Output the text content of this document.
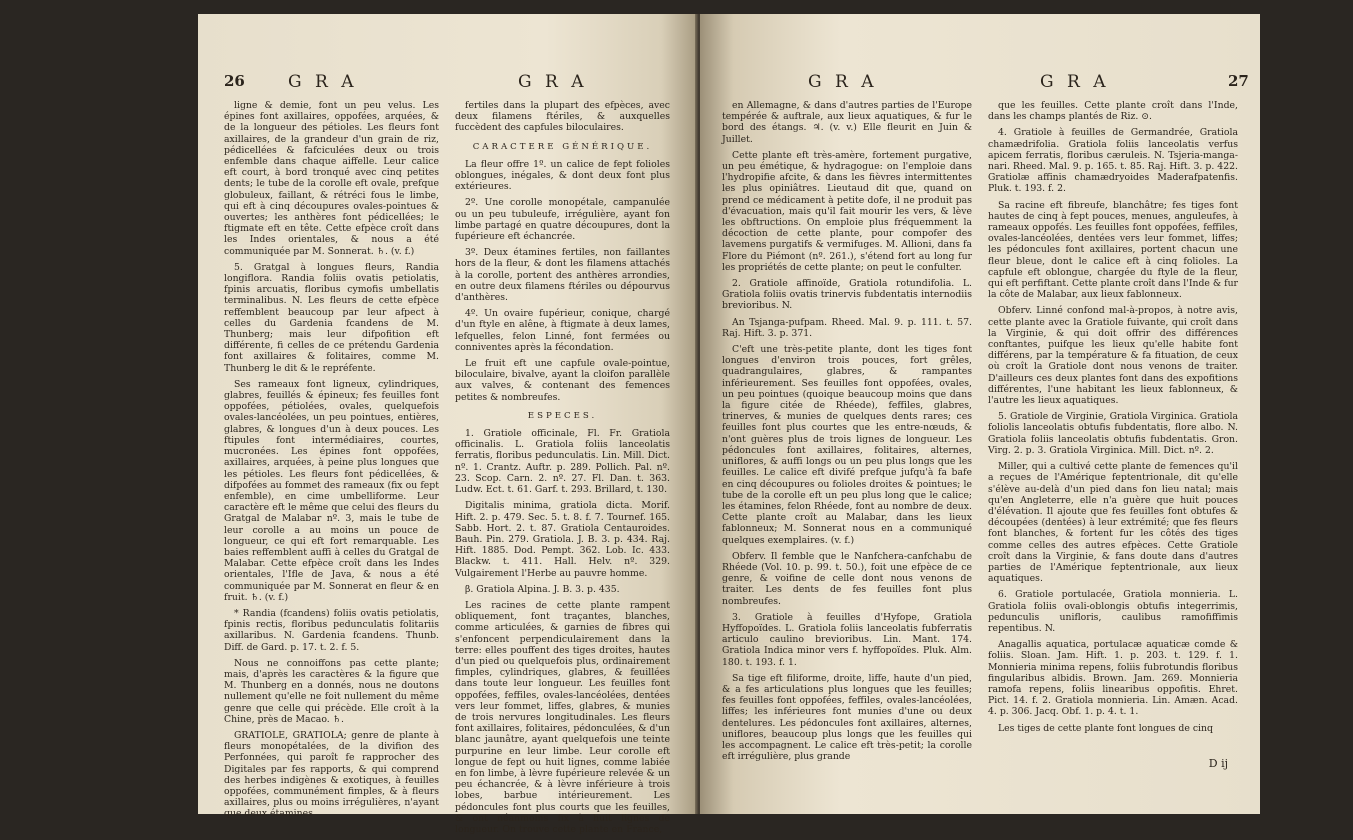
26	G R A	G R A

ligne & demie, font un peu velus. Les épines font axillaires, oppofées, arquées, & de la longueur des pétioles. Les fleurs font axillaires, de la grandeur d'un grain de riz, pédicellées & fafciculées deux ou trois enfemble dans chaque aiffelle. Leur calice eft court, à bord tronqué avec cinq petites dents; le tube de la corolle eft ovale, prefque globuleux, faillant, & rétréci fous le limbe, qui eft à cinq découpures ovales-pointues & ouvertes; les anthères font pédicellées; le ftigmate eft en tête. Cette efpèce croît dans les Indes orientales, & nous a été communiquée par M. Sonnerat. ♄. (v. f.)

5. Gratgal à longues fleurs, Randia longiflora. Randia foliis ovatis petiolatis, fpinis arcuatis, floribus cymofis umbellatis terminalibus. N. Les fleurs de cette efpèce reffemblent beaucoup par leur afpect à celles du Gardenia fcandens de M. Thunberg; mais leur difpofition eft différente, fi celles de ce prétendu Gardenia font axillaires & folitaires, comme M. Thunberg le dit & le repréfente.

Ses rameaux font ligneux, cylindriques, glabres, feuillés & épineux; fes feuilles font oppofées, pétiolées, ovales, quelquefois ovales-lancéolées, un peu pointues, entières, glabres, & longues d'un à deux pouces. Les ftipules font intermédiaires, courtes, mucronées. Les épines font oppofées, axillaires, arquées, à peine plus longues que les pétioles. Les fleurs font pédicellées, & difpofées au fommet des rameaux (fix ou fept enfemble), en cime umbelliforme. Leur caractère eft le même que celui des fleurs du Gratgal de Malabar nº. 3, mais le tube de leur corolle a au moins un pouce de longueur, ce qui eft fort remarquable. Les baies reffemblent auffi à celles du Gratgal de Malabar. Cette efpèce croît dans les Indes orientales, l'Ifle de Java, & nous a été communiquée par M. Sonnerat en fleur & en fruit. ♄. (v. f.)

* Randia (fcandens) foliis ovatis petiolatis, fpinis rectis, floribus pedunculatis folitariis axillaribus. N. Gardenia fcandens. Thunb. Diff. de Gard. p. 17. t. 2. f. 5.

Nous ne connoiffons pas cette plante; mais, d'après les caractères & la figure que M. Thunberg en a donnés, nous ne doutons nullement qu'elle ne foit nullement du même genre que celle qui précède. Elle croît à la Chine, près de Macao. ♄.

GRATIOLE, GRATIOLA; genre de plante à fleurs monopétalées, de la divifion des Perfonnées, qui paroît fe rapprocher des Digitales par fes rapports, & qui comprend des herbes indigènes & exotiques, à feuilles oppofées, communément fimples, & à fleurs axillaires, plus ou moins irrégulières, n'ayant que deux étamines

fertiles dans la plupart des efpèces, avec deux filamens ftériles, & auxquelles fuccèdent des capfules biloculaires.

CARACTERE GÉNÉRIQUE.

La fleur offre 1º. un calice de fept folioles oblongues, inégales, & dont deux font plus extérieures.

2º. Une corolle monopétale, campanulée ou un peu tubuleufe, irrégulière, ayant fon limbe partagé en quatre découpures, dont la fupérieure eft échancrée.

3º. Deux étamines fertiles, non faillantes hors de la fleur, & dont les filamens attachés à la corolle, portent des anthères arrondies, en outre deux filamens ftériles ou dépourvus d'anthères.

4º. Un ovaire fupérieur, conique, chargé d'un ftyle en alêne, à ftigmate à deux lames, lefquelles, felon Linné, font fermées ou conniventes après la fécondation.

Le fruit eft une capfule ovale-pointue, biloculaire, bivalve, ayant la cloifon parallèle aux valves, & contenant des femences petites & nombreufes.

ESPECES.

1. Gratiole officinale, Fl. Fr. Gratiola officinalis. L. Gratiola foliis lanceolatis ferratis, floribus pedunculatis. Lin. Mill. Dict. nº. 1. Crantz. Auftr. p. 289. Pollich. Pal. nº. 23. Scop. Carn. 2. nº. 27. Fl. Dan. t. 363. Ludw. Ect. t. 61. Garf. t. 293. Brillard, t. 130.

Digitalis minima, gratiola dicta. Morif. Hift. 2. p. 479. Sec. 5. t. 8. f. 7. Tournef. 165. Sabb. Hort. 2. t. 87. Gratiola Centauroides. Bauh. Pin. 279. Gratiola. J. B. 3. p. 434. Raj. Hift. 1885. Dod. Pempt. 362. Lob. Ic. 433. Blackw. t. 411. Hall. Helv. nº. 329. Vulgairement l'Herbe au pauvre homme.

β. Gratiola Alpina. J. B. 3. p. 435.

Les racines de cette plante rampent obliquement, font traçantes, blanches, comme articulées, & garnies de fibres qui s'enfoncent perpendiculairement dans la terre: elles pouffent des tiges droites, hautes d'un pied ou quelquefois plus, ordinairement fimples, cylindriques, glabres, & feuillées dans toute leur longueur. Les feuilles font oppofées, feffiles, ovales-lancéolées, dentées vers leur fommet, liffes, glabres, & munies de trois nervures longitudinales. Les fleurs font axillaires, folitaires, pédonculées, & d'un blanc jaunâtre, ayant quelquefois une teinte purpurine en leur limbe. Leur corolle eft longue de fept ou huit lignes, comme labiée en fon limbe, à lèvre fupérieure relevée & un peu échancrée, & à lèvre inférieure à trois lobes, barbue intérieurement. Les pédoncules font plus courts que les feuilles, & ont néanmoins fix à huit lignes de longueur. On trouve cette plante en France,

G R A	G R A	27

en Allemagne, & dans d'autres parties de l'Europe tempérée & auftrale, aux lieux aquatiques, & fur le bord des étangs. ♃. (v. v.) Elle fleurit en Juin & Juillet.

Cette plante eft très-amère, fortement purgative, un peu émétique, & hydragogue: on l'emploie dans l'hydropifie afcite, & dans les fièvres intermittentes les plus opiniâtres. Lieutaud dit que, quand on prend ce médicament à petite dofe, il ne produit pas d'évacuation, mais qu'il fait mourir les vers, & lève les obftructions. On emploie plus fréquemment la décoction de cette plante, pour compofer des lavemens purgatifs & vermifuges. M. Allioni, dans fa Flore du Piémont (nº. 261.), s'étend fort au long fur les propriétés de cette plante; on peut le confulter.

2. Gratiole affinoïde, Gratiola rotundifolia. L. Gratiola foliis ovatis trinervis fubdentatis internodiis brevioribus. N.

An Tsjanga-pufpam. Rheed. Mal. 9. p. 111. t. 57. Raj. Hift. 3. p. 371.

C'eft une très-petite plante, dont les tiges font longues d'environ trois pouces, fort grêles, quadrangulaires, glabres, & rampantes inférieurement. Ses feuilles font oppofées, ovales, un peu pointues (quoique beaucoup moins que dans la figure citée de Rhéede), feffiles, glabres, trinerves, & munies de quelques dents rares; ces feuilles font plus courtes que les entre-nœuds, & n'ont guères plus de trois lignes de longueur. Les pédoncules font axillaires, folitaires, alternes, uniflores, & auffi longs ou un peu plus longs que les feuilles. Le calice eft divifé prefque jufqu'à fa bafe en cinq découpures ou folioles droites & pointues; le tube de la corolle eft un peu plus long que le calice; les étamines, felon Rhéede, font au nombre de deux. Cette plante croît au Malabar, dans les lieux fablonneux; M. Sonnerat nous en a communiqué quelques exemplaires. (v. f.)

Obferv. Il femble que le Nanfchera-canfchabu de Rhéede (Vol. 10. p. 99. t. 50.), foit une efpèce de ce genre, & voifine de celle dont nous venons de traiter. Les dents de fes feuilles font plus nombreufes.

3. Gratiole à feuilles d'Hyfope, Gratiola Hyffopoïdes. L. Gratiola foliis lanceolatis fubferratis articulo caulino brevioribus. Lin. Mant. 174. Gratiola Indica minor vers f. hyffopoïdes. Pluk. Alm. 180. t. 193. f. 1.

Sa tige eft filiforme, droite, liffe, haute d'un pied, & a fes articulations plus longues que les feuilles; fes feuilles font oppofées, feffiles, ovales-lancéolées, liffes; les inférieures font munies d'une ou deux dentelures. Les pédoncules font axillaires, alternes, uniflores, beaucoup plus longs que les feuilles qui les accompagnent. Le calice eft très-petit; la corolle eft irrégulière, plus grande

que les feuilles. Cette plante croît dans l'Inde, dans les champs plantés de Riz. ⊙.

4. Gratiole à feuilles de Germandrée, Gratiola chamædrifolia. Gratiola foliis lanceolatis verfus apicem ferratis, floribus cæruleis. N. Tsjeria-manga-nari. Rheed. Mal. 9. p. 165. t. 85. Raj. Hift. 3. p. 422. Gratiolæ affinis chamædryoides Maderafpatenfis. Pluk. t. 193. f. 2.

Sa racine eft fibreufe, blanchâtre; fes tiges font hautes de cinq à fept pouces, menues, anguleufes, à rameaux oppofés. Les feuilles font oppofées, feffiles, ovales-lancéolées, dentées vers leur fommet, liffes; les pédoncules font axillaires, portent chacun une fleur bleue, dont le calice eft à cinq folioles. La capfule eft oblongue, chargée du ftyle de la fleur, qui eft perfiftant. Cette plante croît dans l'Inde & fur la côte de Malabar, aux lieux fablonneux.

Obferv. Linné confond mal-à-propos, à notre avis, cette plante avec la Gratiole fuivante, qui croît dans la Virginie, & qui doit offrir des différences conftantes, puifque les lieux qu'elle habite font différens, par la température & fa fituation, de ceux où croît la Gratiole dont nous venons de traiter. D'ailleurs ces deux plantes font dans des expofitions différentes, l'une habitant les lieux fablonneux, & l'autre les lieux aquatiques.

5. Gratiole de Virginie, Gratiola Virginica. Gratiola foliolis lanceolatis obtufis fubdentatis, flore albo. N. Gratiola foliis lanceolatis obtufis fubdentatis. Gron. Virg. 2. p. 3. Gratiola Virginica. Mill. Dict. nº. 2.

Miller, qui a cultivé cette plante de femences qu'il a reçues de l'Amérique feptentrionale, dit qu'elle s'élève au-delà d'un pied dans fon lieu natal; mais qu'en Angleterre, elle n'a guère que huit pouces d'élévation. Il ajoute que fes feuilles font obtufes & découpées (dentées) à leur extrémité; que fes fleurs font blanches, & fortent fur les côtés des tiges comme celles des autres efpèces. Cette Gratiole croît dans la Virginie, & fans doute dans d'autres parties de l'Amérique feptentrionale, aux lieux aquatiques.

6. Gratiole portulacée, Gratiola monnieria. L. Gratiola foliis ovali-oblongis obtufis integerrimis, pedunculis unifloris, caulibus ramofiffimis repentibus. N.

Anagallis aquatica, portulacæ aquaticæ comde & foliis. Sloan. Jam. Hift. 1. p. 203. t. 129. f. 1. Monnieria minima repens, foliis fubrotundis floribus fingularibus albidis. Brown. Jam. 269. Monnieria ramofa repens, foliis linearibus oppofitis. Ehret. Pict. 14. f. 2. Gratiola monnieria. Lin. Amæn. Acad. 4. p. 306. Jacq. Obf. 1. p. 4. t. 1.

Les tiges de cette plante font longues de cinq

D ij
